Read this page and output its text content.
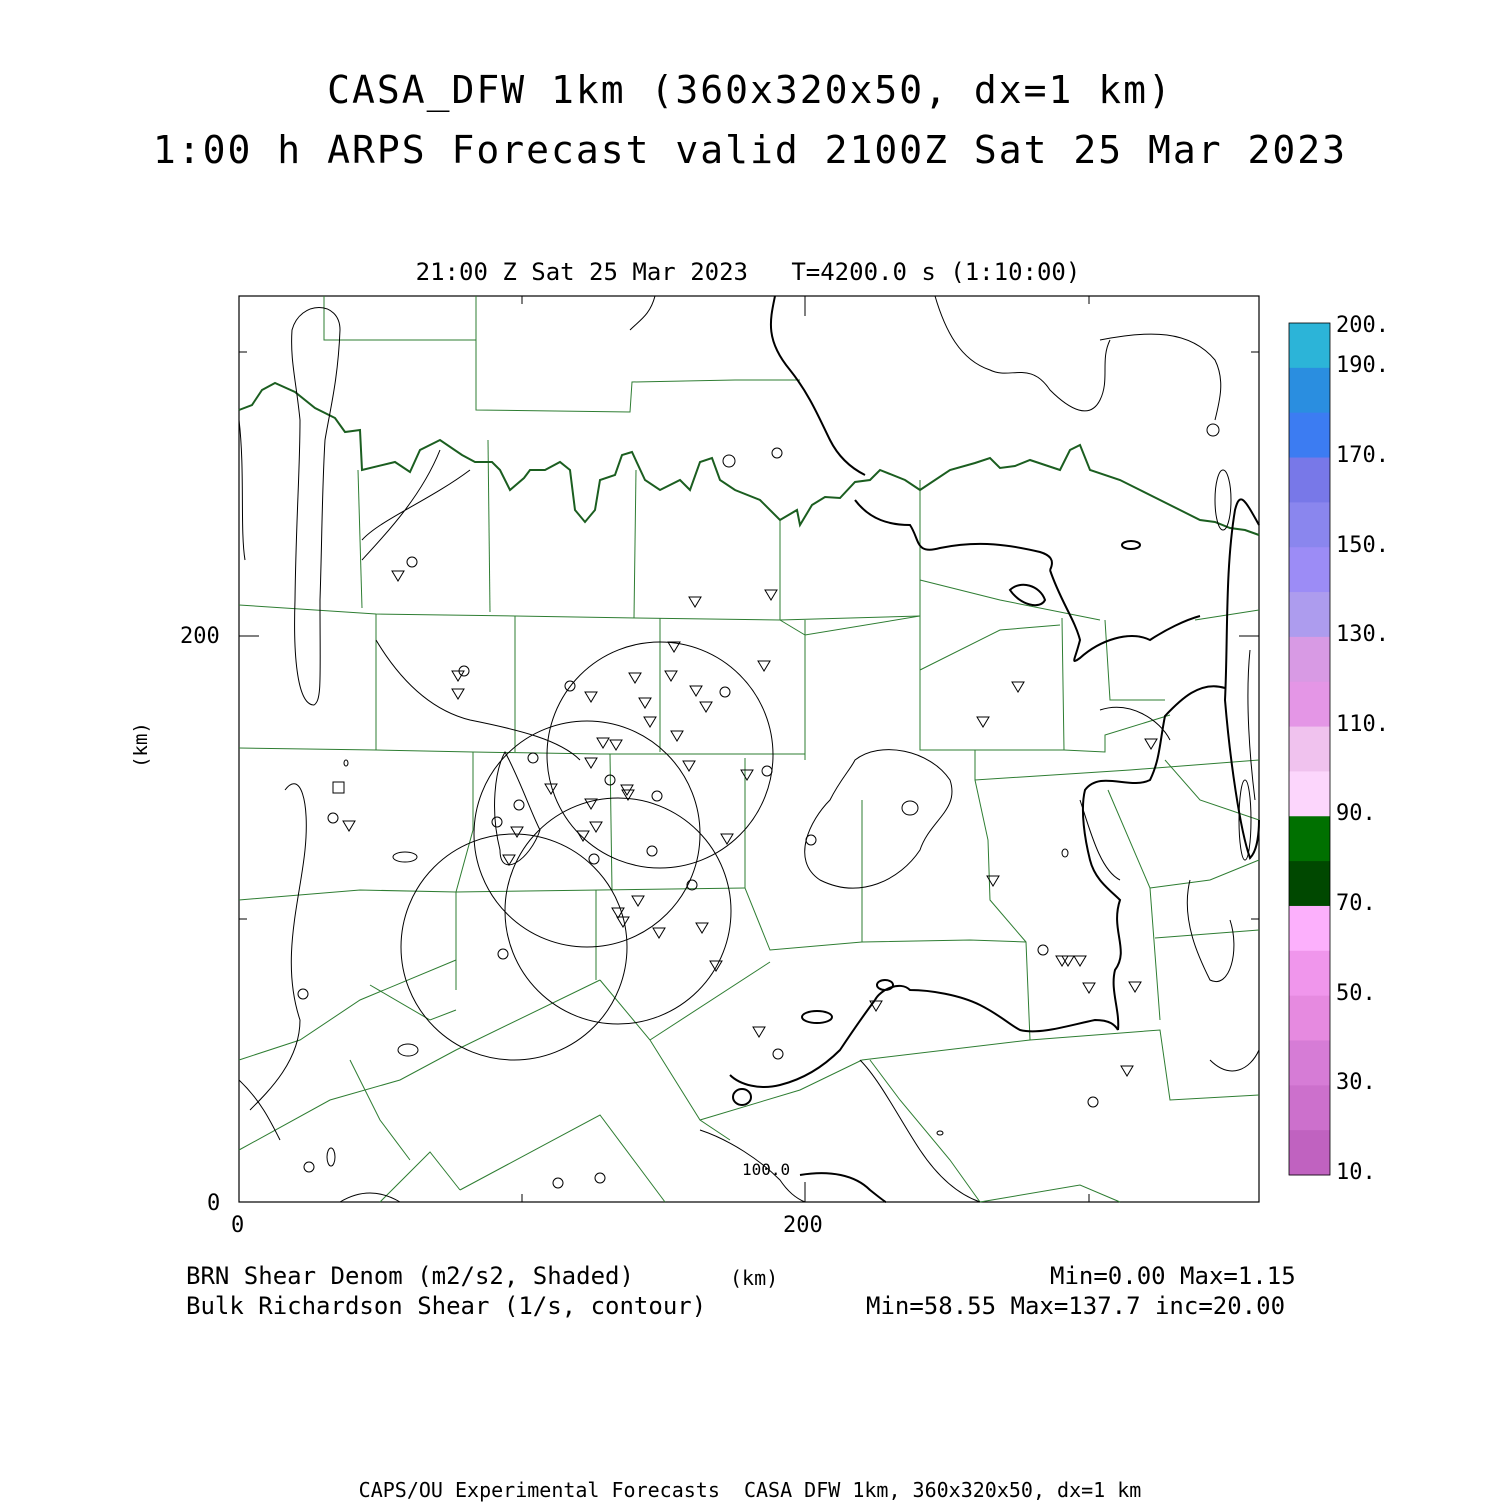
CASA_DFW 1km (360x320x50, dx=1 km)
1:00 h ARPS Forecast valid 2100Z Sat 25 Mar 2023
21:00 Z Sat 25 Mar 2023   T=4200.0 s (1:10:00)
100.0
200.
190.
170.
150.
130.
110.
90.
70.
50.
30.
10.
200
0
0	200
(km)
BRN Shear Denom (m2/s2, Shaded)
Bulk Richardson Shear (1/s, contour)
(km)	Min=0.00 Max=1.15
Min=58.55 Max=137.7 inc=20.00
CAPS/OU Experimental Forecasts  CASA DFW 1km, 360x320x50, dx=1 km
